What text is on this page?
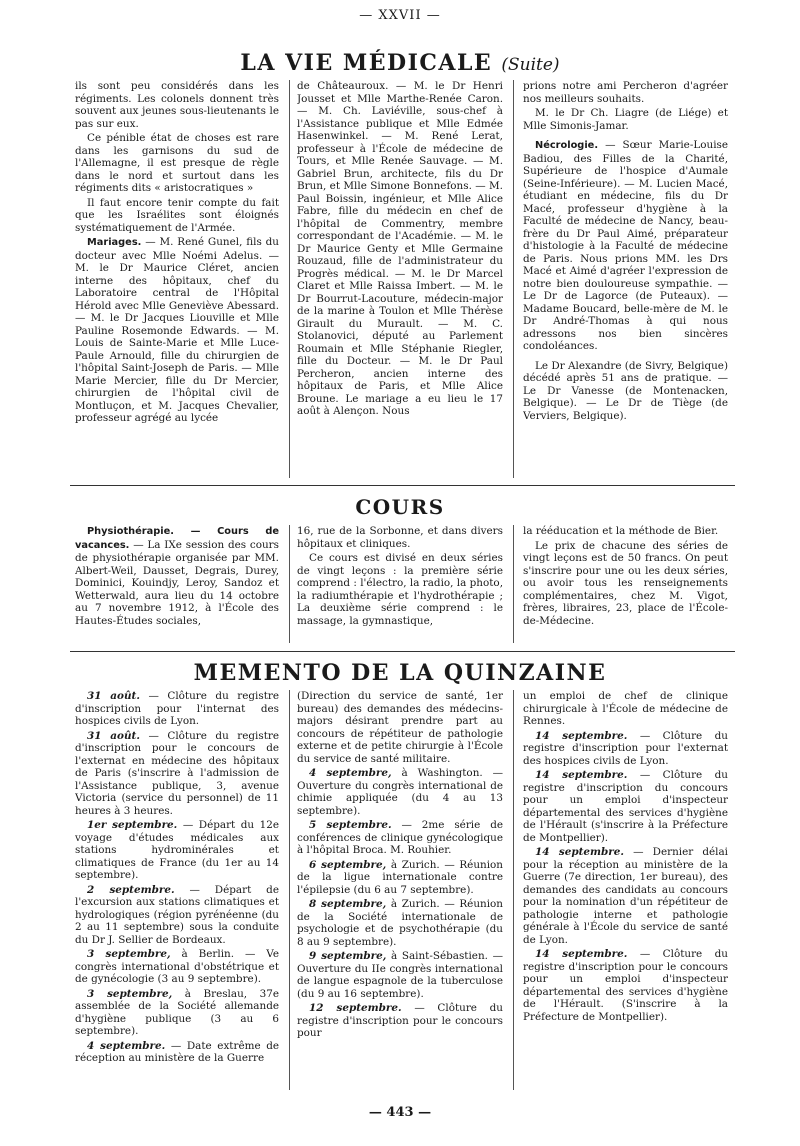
— XXVII —
LA VIE MÉDICALE (Suite)

ils sont peu considérés dans les régiments. Les colonels donnent très souvent aux jeunes sous-lieutenants le pas sur eux.

Ce pénible état de choses est rare dans les garnisons du sud de l'Allemagne, il est presque de règle dans le nord et surtout dans les régiments dits « aristocratiques »

Il faut encore tenir compte du fait que les Israélites sont éloignés systématiquement de l'Armée.

Mariages. — M. René Gunel, fils du docteur avec Mlle Noémi Adelus. — M. le Dr Maurice Cléret, ancien interne des hôpitaux, chef du Laboratoire central de l'Hôpital Hérold avec Mlle Geneviève Abessard. — M. le Dr Jacques Liouville et Mlle Pauline Rosemonde Edwards. — M. Louis de Sainte-Marie et Mlle Luce-Paule Arnould, fille du chirurgien de l'hôpital Saint-Joseph de Paris. — Mlle Marie Mercier, fille du Dr Mercier, chirurgien de l'hôpital civil de Montluçon, et M. Jacques Chevalier, professeur agrégé au lycée

de Châteauroux. — M. le Dr Henri Jousset et Mlle Marthe-Renée Caron. — M. Ch. Laviéville, sous-chef à l'Assistance publique et Mlle Edmée Hasenwinkel. — M. René Lerat, professeur à l'École de médecine de Tours, et Mlle Renée Sauvage. — M. Gabriel Brun, architecte, fils du Dr Brun, et Mlle Simone Bonnefons. — M. Paul Boissin, ingénieur, et Mlle Alice Fabre, fille du médecin en chef de l'hôpital de Commentry, membre correspondant de l'Académie. — M. le Dr Maurice Genty et Mlle Germaine Rouzaud, fille de l'administrateur du Progrès médical. — M. le Dr Marcel Claret et Mlle Raissa Imbert. — M. le Dr Bourrut-Lacouture, médecin-major de la marine à Toulon et Mlle Thérèse Girault du Murault. — M. C. Stolanovici, député au Parlement Roumain et Mlle Stéphanie Riegler, fille du Docteur. — M. le Dr Paul Percheron, ancien interne des hôpitaux de Paris, et Mlle Alice Broune. Le mariage a eu lieu le 17 août à Alençon. Nous

prions notre ami Percheron d'agréer nos meilleurs souhaits.

M. le Dr Ch. Liagre (de Liége) et Mlle Simonis-Jamar.

Nécrologie. — Sœur Marie-Louise Badiou, des Filles de la Charité, Supérieure de l'hospice d'Aumale (Seine-Inférieure). — M. Lucien Macé, étudiant en médecine, fils du Dr Macé, professeur d'hygiène à la Faculté de médecine de Nancy, beau-frère du Dr Paul Aimé, préparateur d'histologie à la Faculté de médecine de Paris. Nous prions MM. les Drs Macé et Aimé d'agréer l'expression de notre bien douloureuse sympathie. — Le Dr de Lagorce (de Puteaux). — Madame Boucard, belle-mère de M. le Dr André-Thomas à qui nous adressons nos bien sincères condoléances.

Le Dr Alexandre (de Sivry, Belgique) décédé après 51 ans de pratique. — Le Dr Vanesse (de Montenacken, Belgique). — Le Dr de Tiège (de Verviers, Belgique).

COURS

Physiothérapie. — Cours de vacances. — La IXe session des cours de physiothérapie organisée par MM. Albert-Weil, Dausset, Degrais, Durey, Dominici, Kouindjy, Leroy, Sandoz et Wetterwald, aura lieu du 14 octobre au 7 novembre 1912, à l'École des Hautes-Études sociales,

16, rue de la Sorbonne, et dans divers hôpitaux et cliniques.

Ce cours est divisé en deux séries de vingt leçons : la première série comprend : l'électro, la radio, la photo, la radiumthérapie et l'hydrothérapie ; La deuxième série comprend : le massage, la gymnastique,

la rééducation et la méthode de Bier.

Le prix de chacune des séries de vingt leçons est de 50 francs. On peut s'inscrire pour une ou les deux séries, ou avoir tous les renseignements complémentaires, chez M. Vigot, frères, libraires, 23, place de l'École-de-Médecine.

MEMENTO DE LA QUINZAINE

31 août. — Clôture du registre d'inscription pour l'internat des hospices civils de Lyon.

31 août. — Clôture du registre d'inscription pour le concours de l'externat en médecine des hôpitaux de Paris (s'inscrire à l'admission de l'Assistance publique, 3, avenue Victoria (service du personnel) de 11 heures à 3 heures.

1er septembre. — Départ du 12e voyage d'études médicales aux stations hydrominérales et climatiques de France (du 1er au 14 septembre).

2 septembre. — Départ de l'excursion aux stations climatiques et hydrologiques (région pyrénéenne (du 2 au 11 septembre) sous la conduite du Dr J. Sellier de Bordeaux.

3 septembre, à Berlin. — Ve congrès international d'obstétrique et de gynécologie (3 au 9 septembre).

3 septembre, à Breslau, 37e assemblée de la Société allemande d'hygiène publique (3 au 6 septembre).

4 septembre. — Date extrême de réception au ministère de la Guerre

(Direction du service de santé, 1er bureau) des demandes des médecins-majors désirant prendre part au concours de répétiteur de pathologie externe et de petite chirurgie à l'École du service de santé militaire.

4 septembre, à Washington. — Ouverture du congrès international de chimie appliquée (du 4 au 13 septembre).

5 septembre. — 2me série de conférences de clinique gynécologique à l'hôpital Broca. M. Rouhier.

6 septembre, à Zurich. — Réunion de la ligue internationale contre l'épilepsie (du 6 au 7 septembre).

8 septembre, à Zurich. — Réunion de la Société internationale de psychologie et de psychothérapie (du 8 au 9 septembre).

9 septembre, à Saint-Sébastien. — Ouverture du IIe congrès international de langue espagnole de la tuberculose (du 9 au 16 septembre).

12 septembre. — Clôture du registre d'inscription pour le concours pour

un emploi de chef de clinique chirurgicale à l'École de médecine de Rennes.

14 septembre. — Clôture du registre d'inscription pour l'externat des hospices civils de Lyon.

14 septembre. — Clôture du registre d'inscription du concours pour un emploi d'inspecteur départemental des services d'hygiène de l'Hérault (s'inscrire à la Préfecture de Montpellier).

14 septembre. — Dernier délai pour la réception au ministère de la Guerre (7e direction, 1er bureau), des demandes des candidats au concours pour la nomination d'un répétiteur de pathologie interne et pathologie générale à l'École du service de santé de Lyon.

14 septembre. — Clôture du registre d'inscription pour le concours pour un emploi d'inspecteur départemental des services d'hygiène de l'Hérault. (S'inscrire à la Préfecture de Montpellier).

— 443 —
